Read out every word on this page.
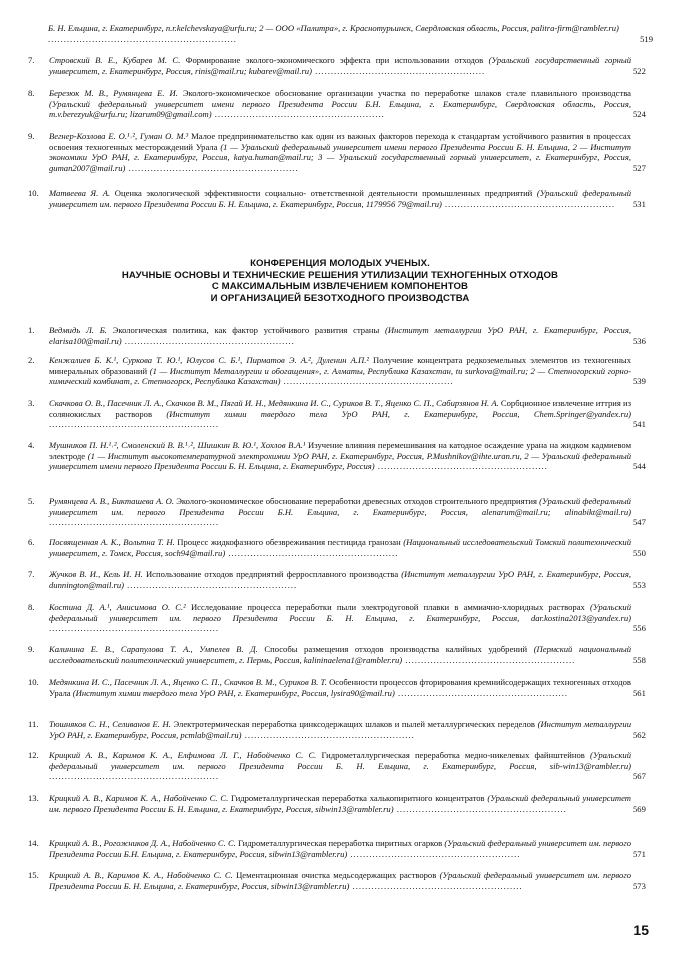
Б. Н. Ельцина, г. Екатеринбург, n.r.kelchevskaya@urfu.ru; 2 — ООО «Палитра», г. Краснотурьинск, Свердловская область, Россия, palitra-firm@rambler.ru) ............................................................	519
7.	Стровский В. Е., Кубарев М. С. Формирование эколого-экономического эффекта при использовании отходов (Уральский государственный горный университет, г. Екатеринбург, Россия, rinis@mail.ru; kubarev@mail.ru) ......................................................	522
8.	Березюк М. В., Румянцева Е. И. Эколого-экономическое обоснование организации участка по переработке шлаков стале плавильного производства (Уральский федеральный университет имени первого Президента России Б.Н. Ельцина, г. Екатеринбург, Свердловская область, Россия, m.v.berezyuk@urfu.ru; lizarum09@gmail.com) ......................................................	524
9.	Вегнер-Козлова Е. О.¹˒², Гуман О. М.³ Малое предпринимательство как один из важных факторов перехода к стандартам устойчивого развития в процессах освоения техногенных месторождений Урала (1 — Уральский федеральный университет имени первого Президента России Б. Н. Ельцина, 2 — Институт экономики УрО РАН, г. Екатеринбург, Россия, katya.human@mail.ru; 3 — Уральский государственный горный университет, г. Екатеринбург, Россия, guman2007@mail.ru) ......................................................	527
10.	Матвеева Я. А. Оценка экологической эффективности социально- ответственной деятельности промышленных предприятий (Уральский федеральный университет им. первого Президента России Б. Н. Ельцина, г. Екатеринбург, Россия, 1179956 79@mail.ru) ...................................................... 531
КОНФЕРЕНЦИЯ МОЛОДЫХ УЧЕНЫХ.
НАУЧНЫЕ ОСНОВЫ И ТЕХНИЧЕСКИЕ РЕШЕНИЯ УТИЛИЗАЦИИ ТЕХНОГЕННЫХ ОТХОДОВ
С МАКСИМАЛЬНЫМ ИЗВЛЕЧЕНИЕМ КОМПОНЕНТОВ
И ОРГАНИЗАЦИЕЙ БЕЗОТХОДНОГО ПРОИЗВОДСТВА
1.	Ведмидь Л. Б. Экологическая политика, как фактор устойчивого развития страны (Институт металлургии УрО РАН, г. Екатеринбург, Россия, elarisa100@mail.ru) ......................................................	536
2.	Кенжалиев Б. К.¹, Суркова Т. Ю.¹, Юлусов С. Б.¹, Пирматов Э. А.², Дуленин А.П.² Получение концентрата редкоземельных элементов из техногенных минеральных образований (1 — Институт Металлургии и обогащения», г. Алматы, Республика Казахстан, tu surkova@mail.ru; 2 — Степногорский горно-химический комбинат, г. Степногорск, Республика Казахстан) ......................................................	539
3.	Скачкова О. В., Пасечник Л. А., Скачков В. М., Пягай И. Н., Медянкина И. С., Суриков В. Т., Яценко С. П., Сабирзянов Н. А. Сорбционное извлечение иттрия из солянокислых растворов (Институт химии твердого тела УрО РАН, г. Екатеринбург, Россия, Chem.Springer@yandex.ru) ......................................................	541
4.	Мушников П. Н.¹˒², Смоленский В. В.¹˒², Шишкин В. Ю.¹, Хохлов В.А.¹ Изучение влияния перемешивания на катодное осаждение урана на жидком кадмиевом электроде (1 — Институт высокотемпературной электрохимии УрО РАН, г. Екатеринбург, Россия, P.Mushnikov@ihte.uran.ru, 2 — Уральский федеральный университет имени первого Президента России Б. Н. Ельцина, г. Екатеринбург, Россия) ......................................................	544
5.	Румянцева А. В., Бикташева А. О. Эколого-экономическое обоснование переработки древесных отходов строительного предприятия (Уральский федеральный университет им. первого Президента России Б.Н. Ельцина, г. Екатеринбург, Россия, alenarum@mail.ru; alinabikt@mail.ru) ......................................................	547
6.	Посвященная А. К., Вольтна Т. Н. Процесс жидкофазного обезвреживания пестицида гранозан (Национальный исследовательский Томский политехнический университет, г. Томск, Россия, soch94@mail.ru) ......................................................	550
7.	Жучков В. И., Кель И. Н. Использование отходов предприятий ферросплавного производства (Институт металлургии УрО РАН, г. Екатеринбург, Россия, dunnington@mail.ru) ......................................................	553
8.	Костина Д. А.¹, Анисимова О. С.² Исследование процесса переработки пыли электродуговой плавки в аммиачно-хлоридных растворах (Уральский федеральный университет им. первого Президента России Б. Н. Ельцина, г. Екатеринбург, Россия, dar.kostina2013@yandex.ru) ......................................................	556
9.	Калинина Е. В., Сарапулова Т. А., Умпелев В. Д. Способы размещения отходов производства калийных удобрений (Пермский национальный исследовательский политехнический университет, г. Пермь, Россия, kalininaelena1@rambler.ru) ......................................................	558
10.	Медянкина И. С., Пасечник Л. А., Яценко С. П., Скачков В. М., Суриков В. Т. Особенности процессов фторирования кремнийсодержащих техногенных отходов Урала (Институт химии твердого тела УрО РАН, г. Екатеринбург, Россия, lysira90@mail.ru) ......................................................	561
11.	Тюшняков С. Н., Селиванов Е. Н. Электротермическая переработка цинксодержащих шлаков и пылей металлургических переделов (Институт металлургии УрО РАН, г. Екатеринбург, Россия, pcmlab@mail.ru) ......................................................	562
12.	Крицкий А. В., Каримов К. А., Елфимова Л. Г., Набойченко С. С. Гидрометаллургическая переработка медно-никелевых файнштейнов (Уральский федеральный университет им. первого Президента России Б. Н. Ельцина, г. Екатеринбург, Россия, sib-win13@rambler.ru) ......................................................	567
13.	Крицкий А. В., Каримов К. А., Набойченко С. С. Гидрометаллургическая переработка халькопиритного концентратов (Уральский федеральный университет им. первого Президента России Б. Н. Ельцина, г. Екатеринбург, Россия, sibwin13@rambler.ru) ......................................................	569
14.	Крицкий А. В., Рогожников Д. А., Набойченко С. С. Гидрометаллургическая переработка пиритных огарков (Уральский федеральный университет им. первого Президента России Б.Н. Ельцина, г. Екатеринбург, Россия, sibwin13@rambler.ru) ......................................................	571
15.	Крицкий А. В., Каримов К. А., Набойченко С. С. Цементационная очистка медьсодержащих растворов (Уральский федеральный университет им. первого Президента России Б. Н. Ельцина, г. Екатеринбург, Россия, sibwin13@rambler.ru) ......................................................	573
15
